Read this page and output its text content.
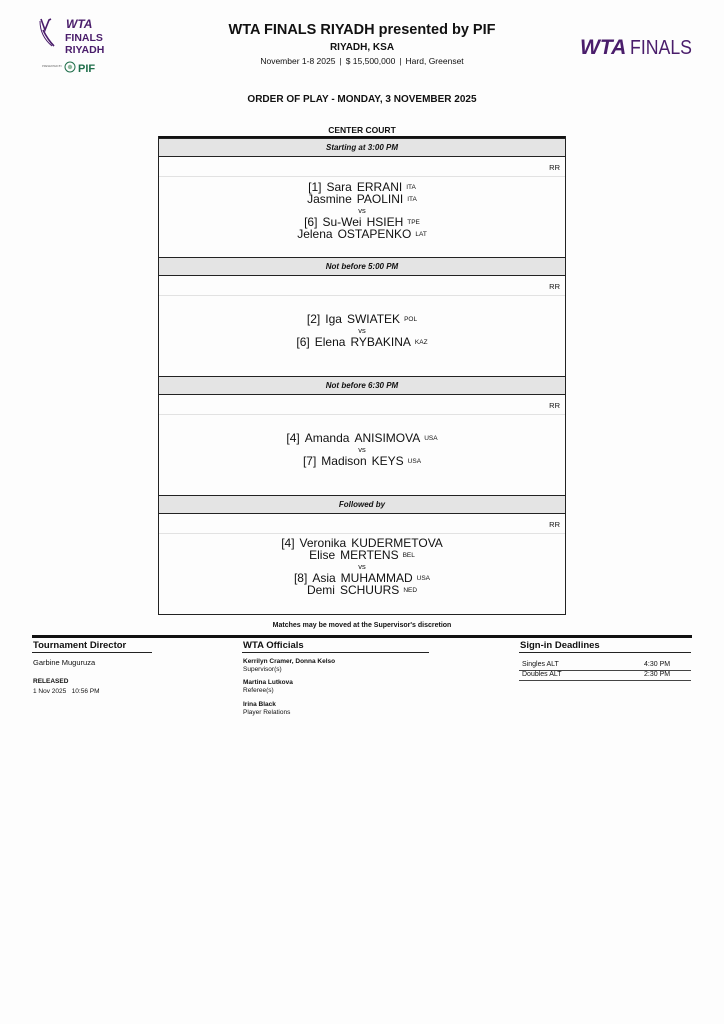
WTA
FINALS
RIYADH
PRESENTED BY PIF
WTA FINALS
WTA FINALS RIYADH presented by PIF
RIYADH, KSA
November 1-8 2025 | $ 15,500,000 | Hard, Greenset
ORDER OF PLAY - MONDAY, 3 NOVEMBER 2025
CENTER COURT
Starting at 3:00 PM
RR
[1] Sara ERRANI ITA
Jasmine PAOLINI ITA
vs
[6] Su-Wei HSIEH TPE
Jelena OSTAPENKO LAT
Not before 5:00 PM
RR
[2] Iga SWIATEK POL
vs
[6] Elena RYBAKINA KAZ
Not before 6:30 PM
RR
[4] Amanda ANISIMOVA USA
vs
[7] Madison KEYS USA
Followed by
RR
[4] Veronika KUDERMETOVA
Elise MERTENS BEL
vs
[8] Asia MUHAMMAD USA
Demi SCHUURS NED
Matches may be moved at the Supervisor's discretion
Tournament Director
Garbine Muguruza
RELEASED
1 Nov 2025 10:56 PM
WTA Officials
Kerrilyn Cramer, Donna Kelso
Supervisor(s)
Martina Lutkova
Referee(s)
Irina Black
Player Relations
Sign-in Deadlines
Singles ALT	4:30 PM
Doubles ALT	2:30 PM
